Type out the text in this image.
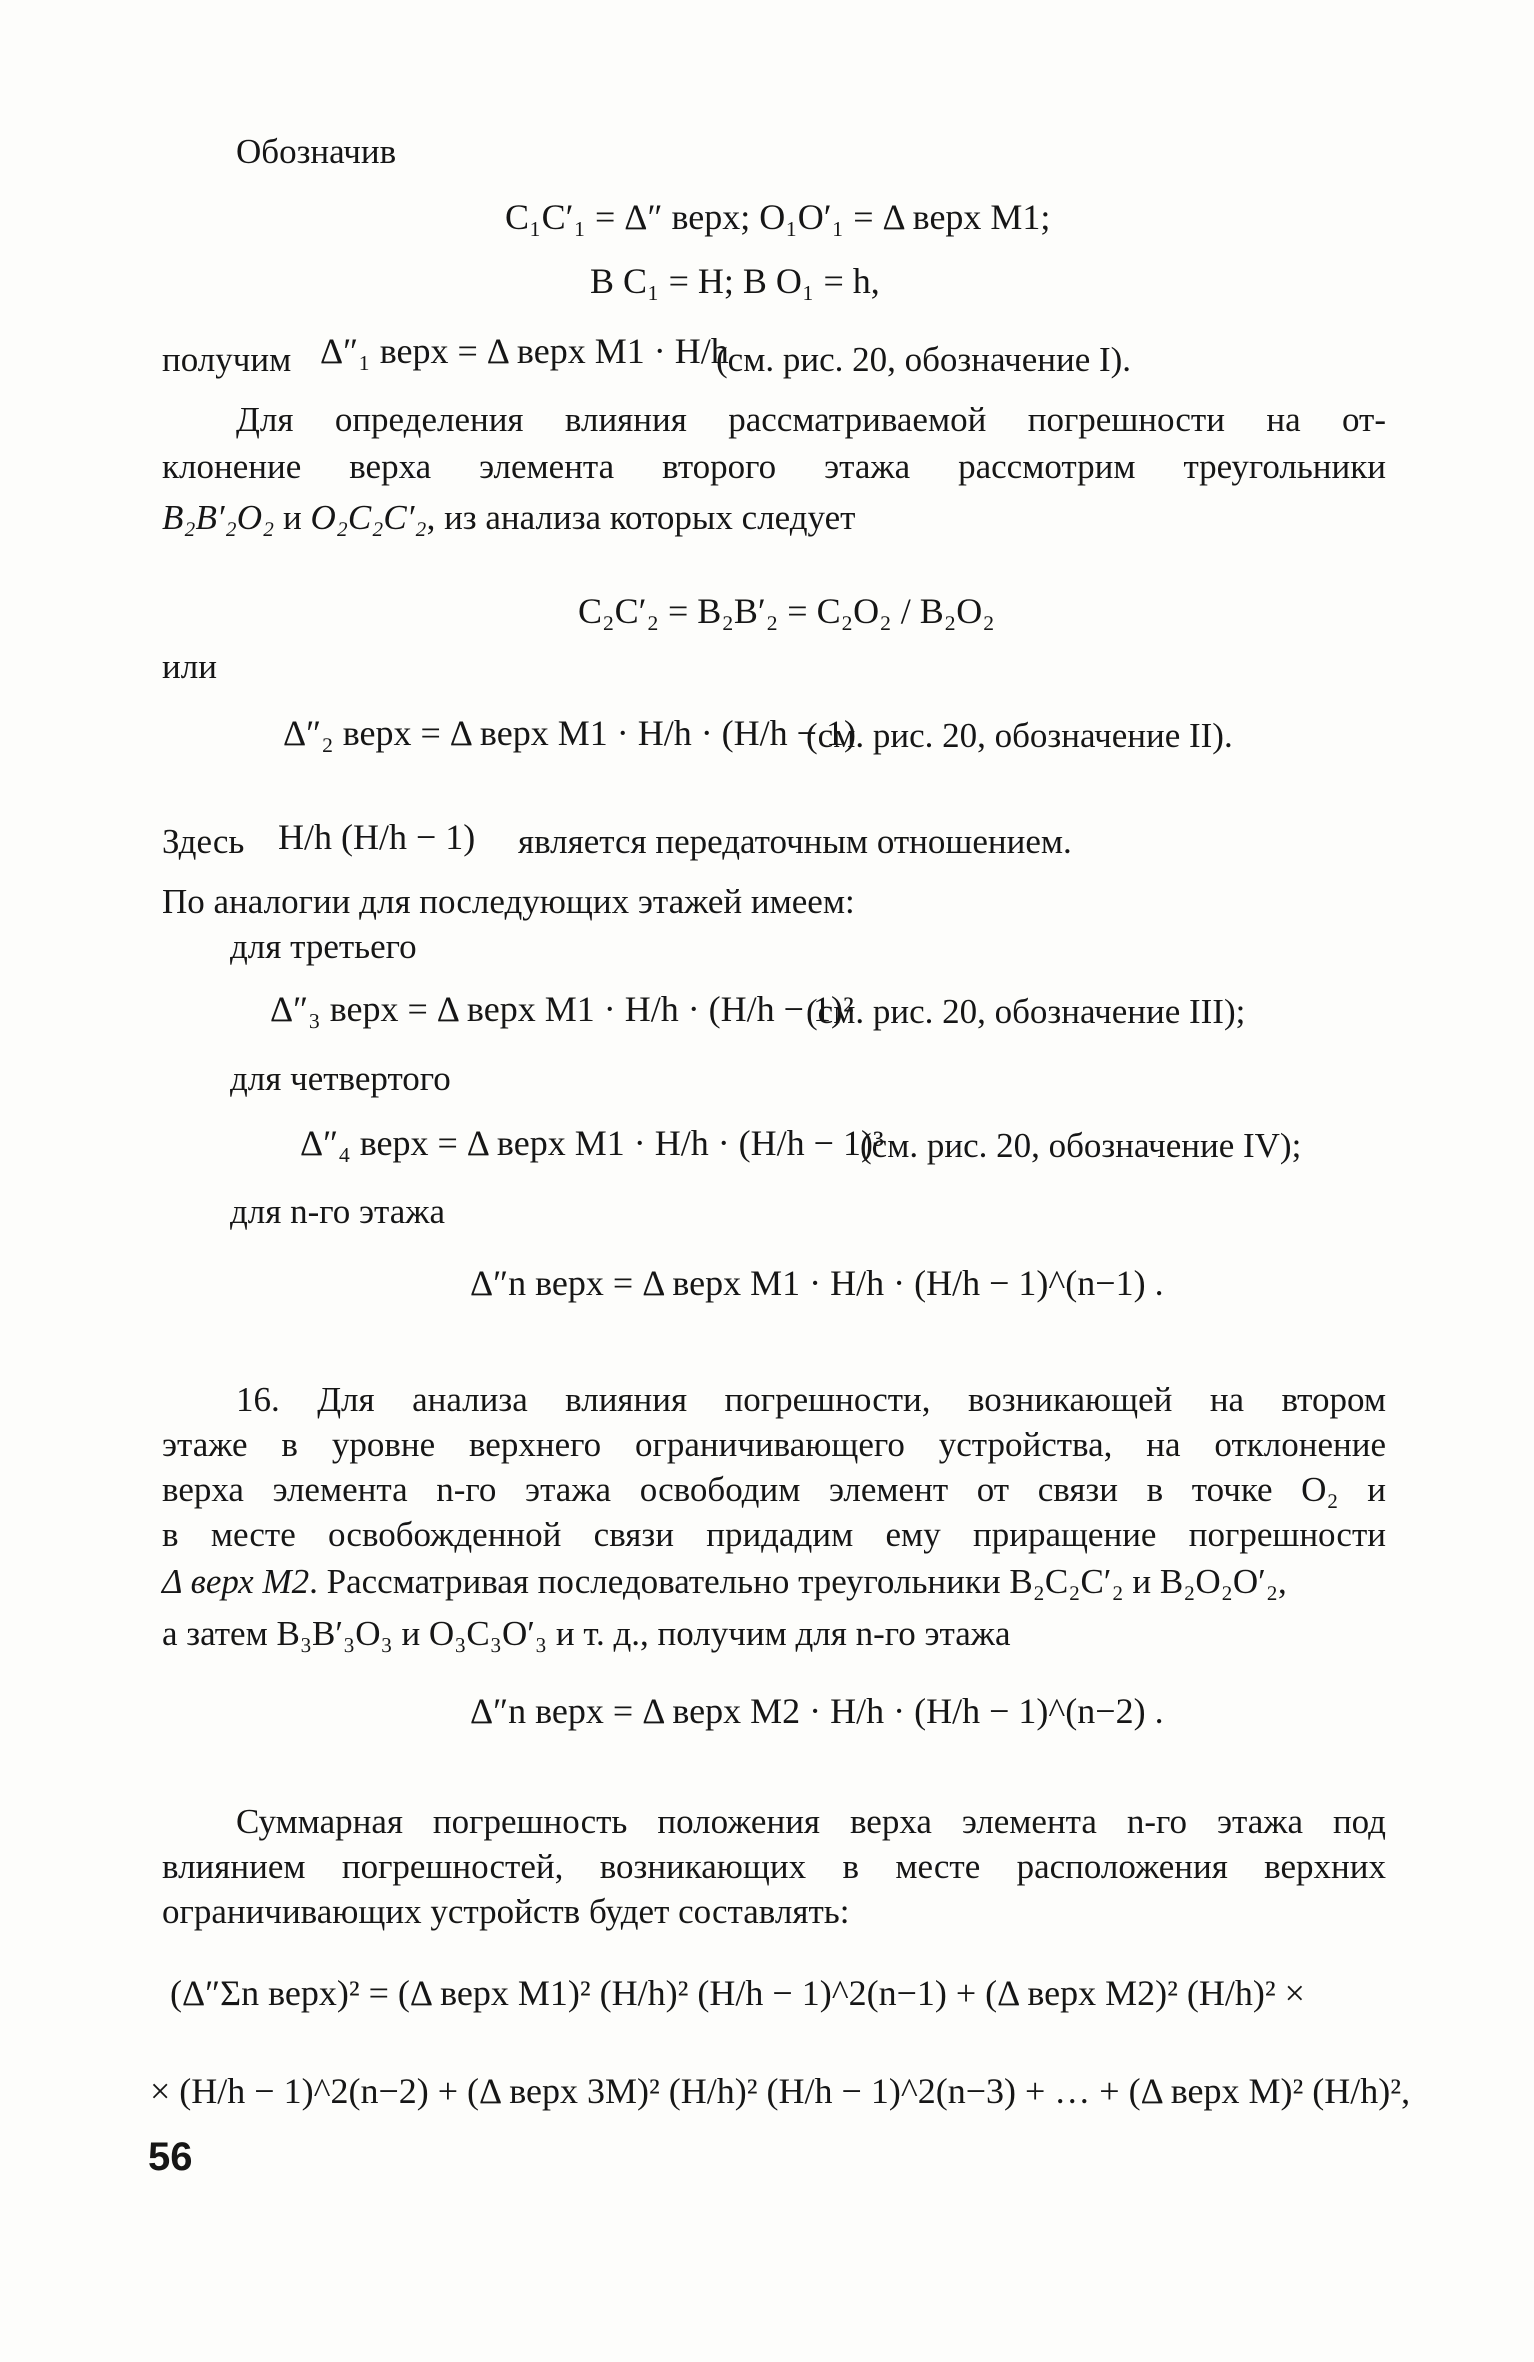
Обозначив
C₁C′₁ = Δ″ верх; O₁O′₁ = Δ верх M1;
B C₁ = H; B O₁ = h,
получим Δ″₁ верх = Δ верх M1 · H/h
(см. рис. 20, обозначение I).
Для определения влияния рассматриваемой погрешности на от-
клонение верха элемента второго этажа рассмотрим треугольники
B₂B′₂O₂ и O₂C₂C′₂, из анализа которых следует
C₂C′₂ = B₂B′₂ = C₂O₂ / B₂O₂
или
Δ″₂ верх = Δ верх M1 · H/h · (H/h − 1)
(см. рис. 20, обозначение II).
Здесь H/h (H/h − 1) является передаточным отношением.
По аналогии для последующих этажей имеем:
для третьего
Δ″₃ верх = Δ верх M1 · H/h · (H/h − 1)²
(см. рис. 20, обозначение III);
для четвертого
Δ″₄ верх = Δ верх M1 · H/h · (H/h − 1)³
(см. рис. 20, обозначение IV);
для n-го этажа
Δ″n верх = Δ верх M1 · H/h · (H/h − 1)^(n−1) .
16. Для анализа влияния погрешности, возникающей на втором
этаже в уровне верхнего ограничивающего устройства, на отклонение
верха элемента n-го этажа освободим элемент от связи в точке O₂ и
в месте освобожденной связи придадим ему приращение погрешности
Δ верх M2. Рассматривая последовательно треугольники B₂C₂C′₂ и B₂O₂O′₂,
а затем B₃B′₃O₃ и O₃C₃O′₃ и т. д., получим для n-го этажа
Δ″n верх = Δ верх M2 · H/h · (H/h − 1)^(n−2) .
Суммарная погрешность положения верха элемента n-го этажа под
влиянием погрешностей, возникающих в месте расположения верхних
ограничивающих устройств будет составлять:
(Δ″Σn верх)² = (Δ верх M1)² (H/h)² (H/h − 1)^2(n−1) + (Δ верх M2)² (H/h)² ×
× (H/h − 1)^2(n−2) + (Δ верх 3M)² (H/h)² (H/h − 1)^2(n−3) + … + (Δ верх M)² (H/h)²,
56
